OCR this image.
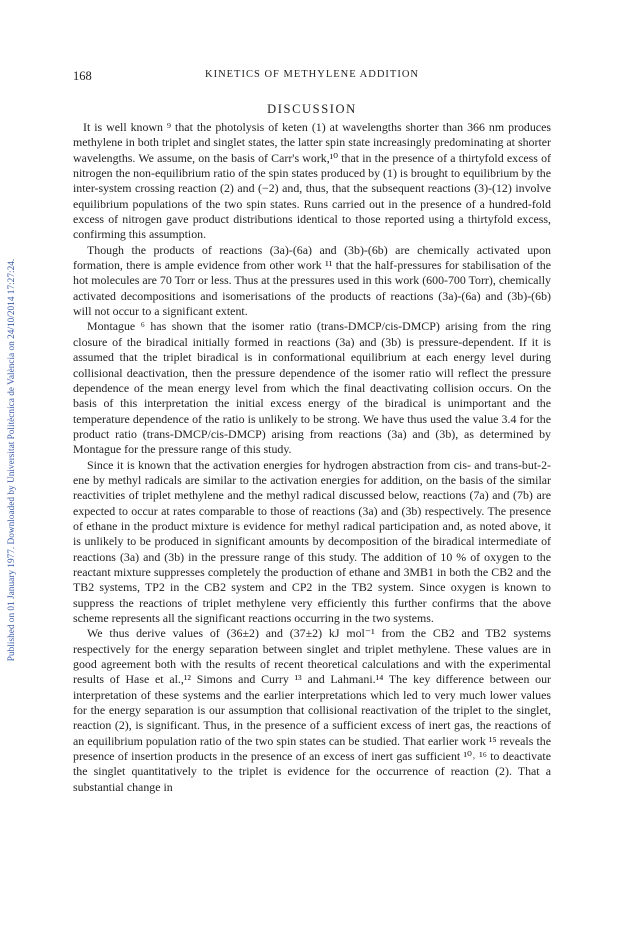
Published on 01 January 1977. Downloaded by Universitat Politècnica de València on 24/10/2014 17:27:24.
168	KINETICS OF METHYLENE ADDITION
DISCUSSION

It is well known ⁹ that the photolysis of keten (1) at wavelengths shorter than 366 nm produces methylene in both triplet and singlet states, the latter spin state increasingly predominating at shorter wavelengths. We assume, on the basis of Carr's work,¹⁰ that in the presence of a thirtyfold excess of nitrogen the non-equilibrium ratio of the spin states produced by (1) is brought to equilibrium by the inter-system crossing reaction (2) and (−2) and, thus, that the subsequent reactions (3)-(12) involve equilibrium populations of the two spin states. Runs carried out in the presence of a hundred-fold excess of nitrogen gave product distributions identical to those reported using a thirtyfold excess, confirming this assumption.

Though the products of reactions (3a)-(6a) and (3b)-(6b) are chemically activated upon formation, there is ample evidence from other work ¹¹ that the half-pressures for stabilisation of the hot molecules are 70 Torr or less. Thus at the pressures used in this work (600-700 Torr), chemically activated decompositions and isomerisations of the products of reactions (3a)-(6a) and (3b)-(6b) will not occur to a significant extent.

Montague ⁶ has shown that the isomer ratio (trans-DMCP/cis-DMCP) arising from the ring closure of the biradical initially formed in reactions (3a) and (3b) is pressure-dependent. If it is assumed that the triplet biradical is in conformational equilibrium at each energy level during collisional deactivation, then the pressure dependence of the isomer ratio will reflect the pressure dependence of the mean energy level from which the final deactivating collision occurs. On the basis of this interpretation the initial excess energy of the biradical is unimportant and the temperature dependence of the ratio is unlikely to be strong. We have thus used the value 3.4 for the product ratio (trans-DMCP/cis-DMCP) arising from reactions (3a) and (3b), as determined by Montague for the pressure range of this study.

Since it is known that the activation energies for hydrogen abstraction from cis- and trans-but-2-ene by methyl radicals are similar to the activation energies for addition, on the basis of the similar reactivities of triplet methylene and the methyl radical discussed below, reactions (7a) and (7b) are expected to occur at rates comparable to those of reactions (3a) and (3b) respectively. The presence of ethane in the product mixture is evidence for methyl radical participation and, as noted above, it is unlikely to be produced in significant amounts by decomposition of the biradical intermediate of reactions (3a) and (3b) in the pressure range of this study. The addition of 10 % of oxygen to the reactant mixture suppresses completely the production of ethane and 3MB1 in both the CB2 and the TB2 systems, TP2 in the CB2 system and CP2 in the TB2 system. Since oxygen is known to suppress the reactions of triplet methylene very efficiently this further confirms that the above scheme represents all the significant reactions occurring in the two systems.

We thus derive values of (36±2) and (37±2) kJ mol⁻¹ from the CB2 and TB2 systems respectively for the energy separation between singlet and triplet methylene. These values are in good agreement both with the results of recent theoretical calculations and with the experimental results of Hase et al.,¹² Simons and Curry ¹³ and Lahmani.¹⁴ The key difference between our interpretation of these systems and the earlier interpretations which led to very much lower values for the energy separation is our assumption that collisional reactivation of the triplet to the singlet, reaction (2), is significant. Thus, in the presence of a sufficient excess of inert gas, the reactions of an equilibrium population ratio of the two spin states can be studied. That earlier work ¹⁵ reveals the presence of insertion products in the presence of an excess of inert gas sufficient ¹⁰˒ ¹⁶ to deactivate the singlet quantitatively to the triplet is evidence for the occurrence of reaction (2). That a substantial change in
